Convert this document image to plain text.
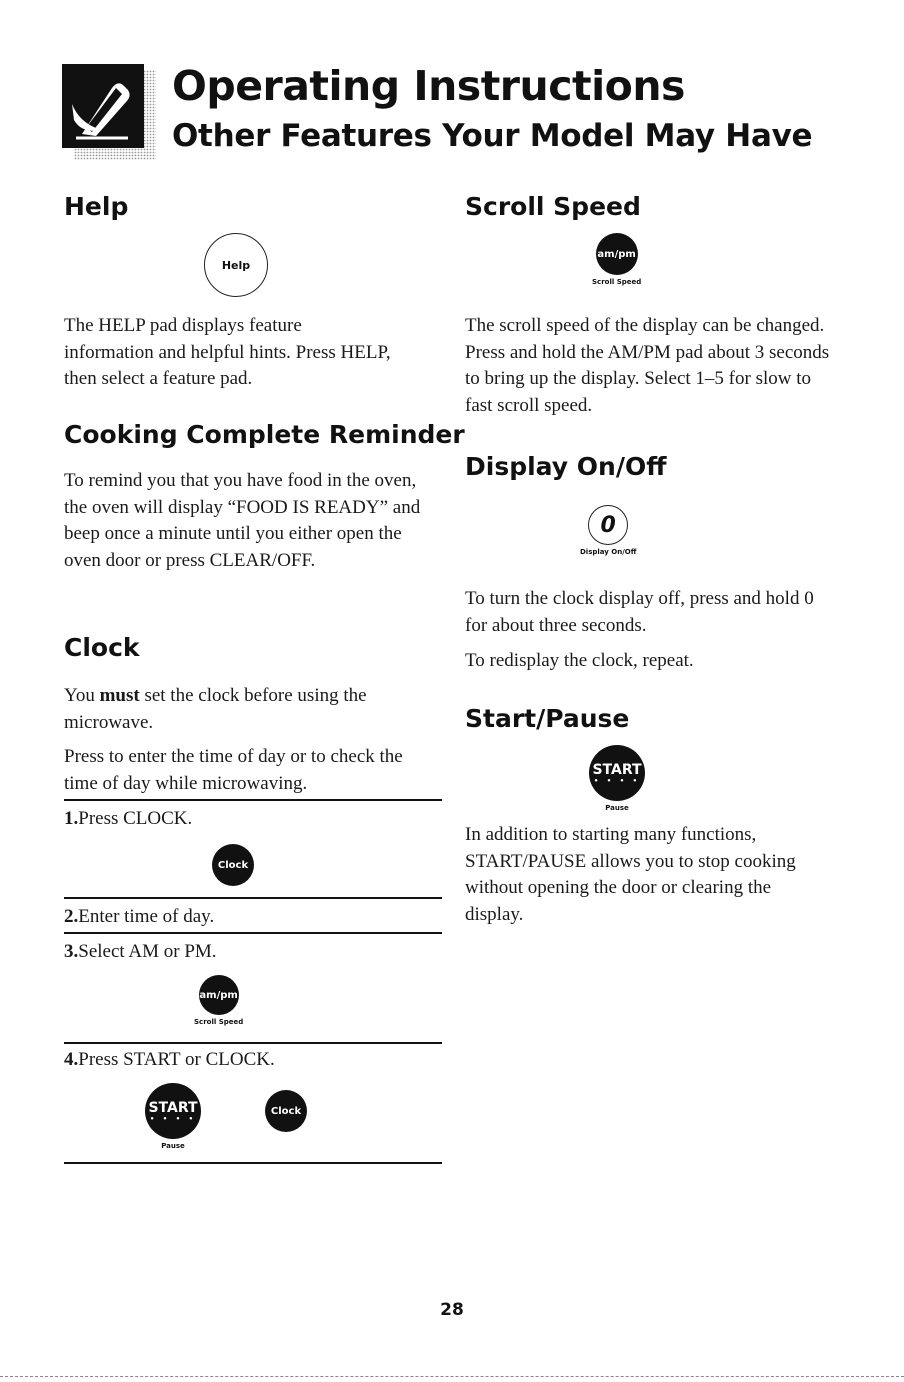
Operating Instructions
Other Features Your Model May Have
Help
Help

The HELP pad displays feature information and helpful hints. Press HELP, then select a feature pad.

Cooking Complete Reminder

To remind you that you have food in the oven, the oven will display “FOOD IS READY” and beep once a minute until you either open the oven door or press CLEAR/OFF.

Clock

You must set the clock before using the microwave.

Press to enter the time of day or to check the time of day while microwaving.

1.Press CLOCK.

Clock

2.Enter time of day.

3.Select AM or PM.

am/pm
Scroll Speed

4.Press START or CLOCK.

START
• • • •
Pause
Clock
Scroll Speed
am/pm
Scroll Speed

The scroll speed of the display can be changed. Press and hold the AM/PM pad about 3 seconds to bring up the display. Select 1–5 for slow to fast scroll speed.

Display On/Off
0
Display On/Off

To turn the clock display off, press and hold 0 for about three seconds.

To redisplay the clock, repeat.

Start/Pause
START
• • • •
Pause

In addition to starting many functions, START/PAUSE allows you to stop cooking without opening the door or clearing the display.

28
